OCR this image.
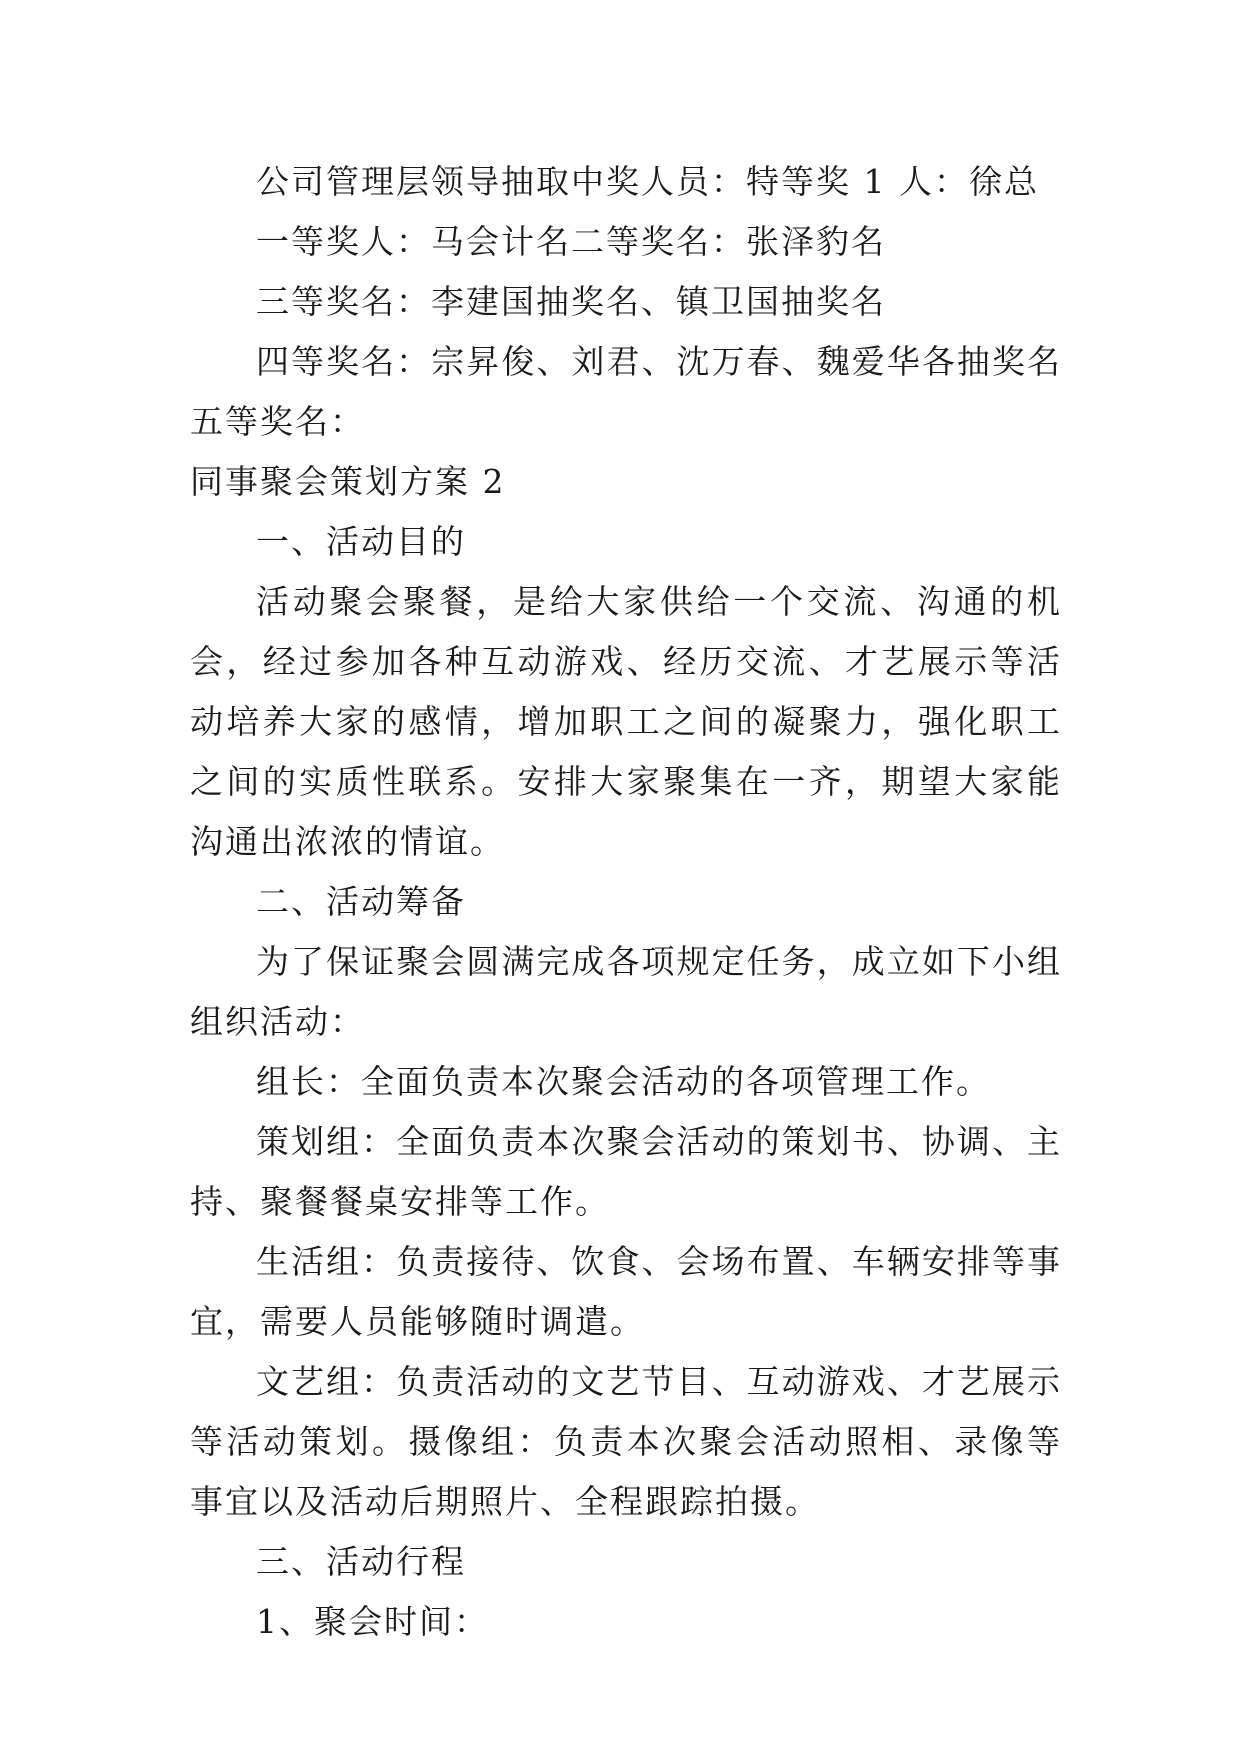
公司管理层领导抽取中奖人员：特等奖 1 人：徐总

一等奖人：马会计名二等奖名：张泽豹名

三等奖名：李建国抽奖名、镇卫国抽奖名

四等奖名：宗昇俊、刘君、沈万春、魏爱华各抽奖名五等奖名：

同事聚会策划方案 2

一、活动目的

活动聚会聚餐，是给大家供给一个交流、沟通的机会，经过参加各种互动游戏、经历交流、才艺展示等活动培养大家的感情，增加职工之间的凝聚力，强化职工之间的实质性联系。安排大家聚集在一齐，期望大家能沟通出浓浓的情谊。

二、活动筹备

为了保证聚会圆满完成各项规定任务，成立如下小组组织活动：

组长：全面负责本次聚会活动的各项管理工作。

策划组：全面负责本次聚会活动的策划书、协调、主持、聚餐餐桌安排等工作。

生活组：负责接待、饮食、会场布置、车辆安排等事宜，需要人员能够随时调遣。

文艺组：负责活动的文艺节目、互动游戏、才艺展示等活动策划。摄像组：负责本次聚会活动照相、录像等事宜以及活动后期照片、全程跟踪拍摄。

三、活动行程

1、聚会时间：
